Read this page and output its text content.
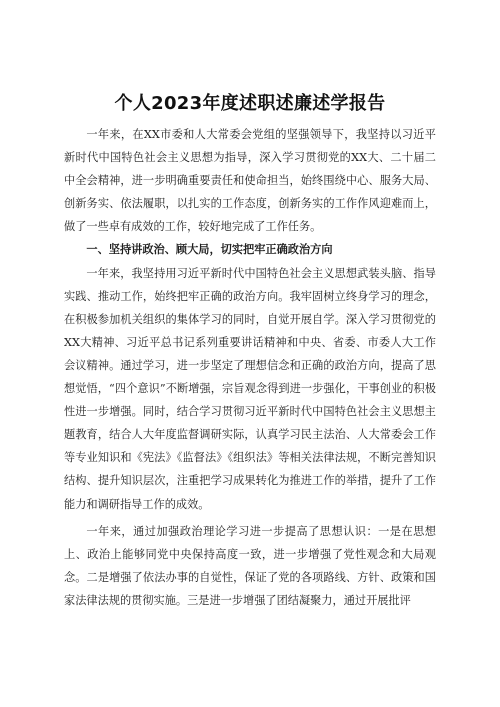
个人2023年度述职述廉述学报告

一年来，在XX市委和人大常委会党组的坚强领导下，我坚持以习近平新时代中国特色社会主义思想为指导，深入学习贯彻党的XX大、二十届二中全会精神，进一步明确重要责任和使命担当，始终围绕中心、服务大局、创新务实、依法履职，以扎实的工作态度，创新务实的工作作风迎难而上，做了一些卓有成效的工作，较好地完成了工作任务。

一、坚持讲政治、顾大局，切实把牢正确政治方向

一年来，我坚持用习近平新时代中国特色社会主义思想武装头脑、指导实践、推动工作，始终把牢正确的政治方向。我牢固树立终身学习的理念，在积极参加机关组织的集体学习的同时，自觉开展自学。深入学习贯彻党的XX大精神、习近平总书记系列重要讲话精神和中央、省委、市委人大工作会议精神。通过学习，进一步坚定了理想信念和正确的政治方向，提高了思想觉悟，“四个意识”不断增强，宗旨观念得到进一步强化，干事创业的积极性进一步增强。同时，结合学习贯彻习近平新时代中国特色社会主义思想主题教育，结合人大年度监督调研实际，认真学习民主法治、人大常委会工作等专业知识和《宪法》《监督法》《组织法》等相关法律法规，不断完善知识结构、提升知识层次，注重把学习成果转化为推进工作的举措，提升了工作能力和调研指导工作的成效。

一年来，通过加强政治理论学习进一步提高了思想认识：一是在思想上、政治上能够同党中央保持高度一致，进一步增强了党性观念和大局观念。二是增强了依法办事的自觉性，保证了党的各项路线、方针、政策和国家法律法规的贯彻实施。三是进一步增强了团结凝聚力，通过开展批评
